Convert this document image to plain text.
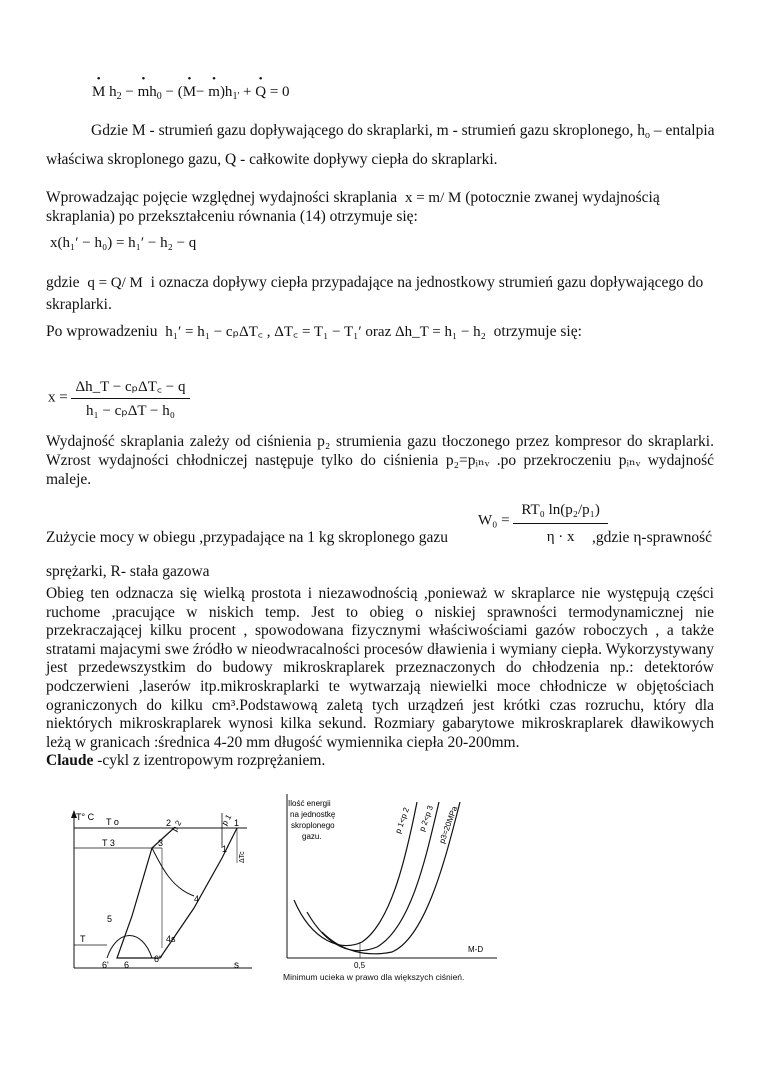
• M $h_2$ − • $mh_0$ − (• M− • $m)h_{1'}$ + • Q = 0
Gdzie M - strumień gazu dopływającego do skraplarki, m - strumień gazu skroplonego, $h_o$ – entalpia
właściwa skroplonego gazu, Q - całkowite dopływy ciepła do skraplarki.
Wprowadzając pojęcie względnej wydajności skraplania x = m/ M (potocznie zwanej wydajnością
skraplania) po przekształceniu równania (14) otrzymuje się:
x(h₁′ − h₀) = h₁′ − h₂ − q
gdzie q = Q/ M i oznacza dopływy ciepła przypadające na jednostkowy strumień gazu dopływającego do
skraplarki.
Po wprowadzeniu h₁′ = h₁ − cₚΔT꜀ , ΔT꜀ = T₁ − T₁′ oraz Δh_T = h₁ − h₂ otrzymuje się:
$x = \frac{\text{Δh\_T − cₚΔT꜀ − q}}{\text{h₁ − cₚΔT − h₀}}$
Wydajność skraplania zależy od ciśnienia p₂ strumienia gazu tłoczonego przez kompresor do skraplarki. Wzrost wydajności chłodniczej następuje tylko do ciśnienia p₂=pᵢₙᵥ .po przekroczeniu pᵢₙᵥ wydajność maleje.
Zużycie mocy w obiegu ,przypadające na 1 kg skroplonego gazu
$W_0 = \frac{\text{RT₀ ln(p₂/p₁)}}{\eta \cdot x}$
,gdzie η-sprawność
sprężarki, R- stała gazowa
Obieg ten odznacza się wielką prostota i niezawodnością ,ponieważ w skraplarce nie występują części ruchome ,pracujące w niskich temp. Jest to obieg o niskiej sprawności termodynamicznej nie przekraczającej kilku procent , spowodowana fizycznymi właściwościami gazów roboczych , a także stratami majacymi swe źródło w nieodwracalności procesów dławienia i wymiany ciepła. Wykorzystywany jest przedewszystkim do budowy mikroskraplarek przeznaczonych do chłodzenia np.: detektorów podczerwieni ,laserów itp.mikroskraplarki te wytwarzają niewielki moce chłodnicze w objętościach ograniczonych do kilku cm³.Podstawową zaletą tych urządzeń jest krótki czas rozruchu, który dla niektórych mikroskraplarek wynosi kilka sekund. Rozmiary gabarytowe mikroskraplarek dławikowych leżą w granicach :średnica 4-20 mm długość wymiennika ciepła 20-200mm.
Claude -cykl z izentropowym rozprężaniem.
T° C
s
T o
T 3
T
p 1
p 2
ΔTc
2	1
1'
3
4
4s
5
6' 6
6"
Ilość energii
na jednostkę
skroplonego
gazu.
p 1<p 2 p 2<p 3 p3=20MPa
M-D
0,5
Minimum ucieka w prawo dla większych ciśnień.
